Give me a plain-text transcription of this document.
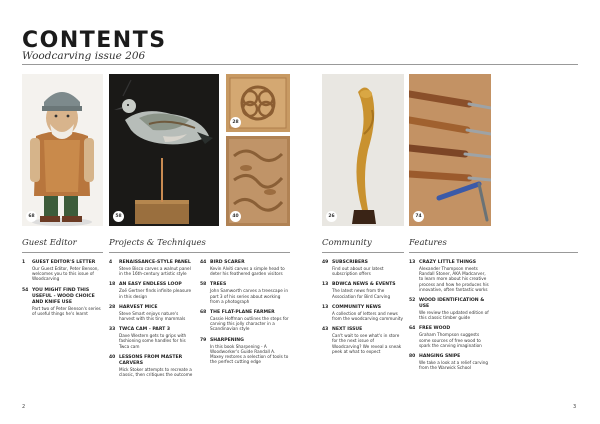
CONTENTS
Woodcarving issue 206
68	58
28
40	26	74
Guest Editor	Projects & Techniques	Community	Features
1 GUEST EDITOR'S LETTER
Our Guest Editor, Peter Benson, welcomes you to this issue of Woodcarving
54 YOU MIGHT FIND THIS USEFUL - WOOD CHOICE AND KNIFE USE
Part two of Peter Benson's series of useful things he's learnt
4 RENAISSANCE-STYLE PANEL
Steve Bisco carves a walnut panel in the 16th-century artistic style
18 AN EASY ENDLESS LOOP
Zoë Gertner finds infinite pleasure in this design
28 HARVEST MICE
Steve Smart enjoys nature's harvest with this tiny mammals
33 TWCA CAM - PART 3
Dave Western gets to grips with fashioning some handles for his Twca cam
40 LESSONS FROM MASTER CARVERS
Mick Stoker attempts to recreate a classic, then critiques the outcome
44 BIRD SCARER
Kevin Alviti carves a simple head to deter his feathered garden visitors
58 TREES
John Samworth carves a treescape in part 3 of his series about working from a photograph
68 THE FLAT-PLANE FARMER
Cassie Hoffman outlines the steps for carving this jolly character in a Scandinavian style
79 SHARPENING
In this book Sharpening - A Woodworker's Guide Randall A. Maxey restores a selection of tools to the perfect cutting edge
49 SUBSCRIBERS
Find out about our latest subscription offers
13 BDWCA NEWS & EVENTS
The latest news from the Association for Bird Carving
13 COMMUNITY NEWS
A collection of letters and news from the woodcarving community
43 NEXT ISSUE
Can't wait to see what's in store for the next issue of Woodcarving? We reveal a sneak peek at what to expect
13 CRAZY LITTLE THINGS
Alexander Thompson meets Randall Stoner, AKA Madcarver, to learn more about his creative process and how he produces his innovative, often fantastic works
52 WOOD IDENTIFICATION & USE
We review the updated edition of this classic timber guide
64 FREE WOOD
Graham Thompson suggests some sources of free wood to spark the carving imagination
80 HANGING SNIPE
We take a look at a relief carving from the Warwick School
2	3
